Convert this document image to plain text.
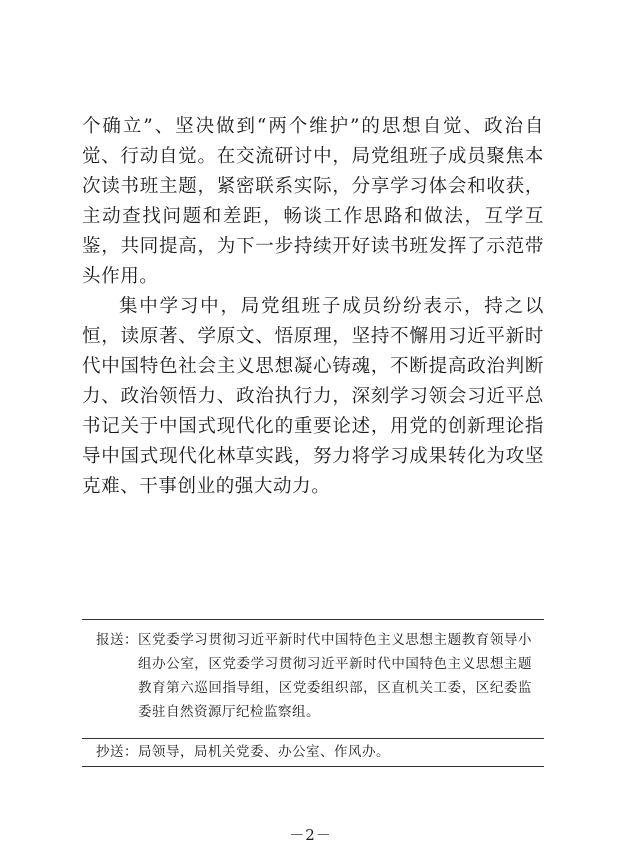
个确立”、坚决做到“两个维护”的思想自觉、政治自觉、行动自觉。在交流研讨中，局党组班子成员聚焦本次读书班主题，紧密联系实际，分享学习体会和收获，主动查找问题和差距，畅谈工作思路和做法，互学互鉴，共同提高，为下一步持续开好读书班发挥了示范带头作用。

集中学习中，局党组班子成员纷纷表示，持之以恒，读原著、学原文、悟原理，坚持不懈用习近平新时代中国特色社会主义思想凝心铸魂，不断提高政治判断力、政治领悟力、政治执行力，深刻学习领会习近平总书记关于中国式现代化的重要论述，用党的创新理论指导中国式现代化林草实践，努力将学习成果转化为攻坚克难、干事创业的强大动力。

报送： 区党委学习贯彻习近平新时代中国特色主义思想主题教育领导小组办公室，区党委学习贯彻习近平新时代中国特色主义思想主题教育第六巡回指导组，区党委组织部，区直机关工委，区纪委监委驻自然资源厅纪检监察组。
抄送： 局领导，局机关党委、办公室、作风办。
－2－
